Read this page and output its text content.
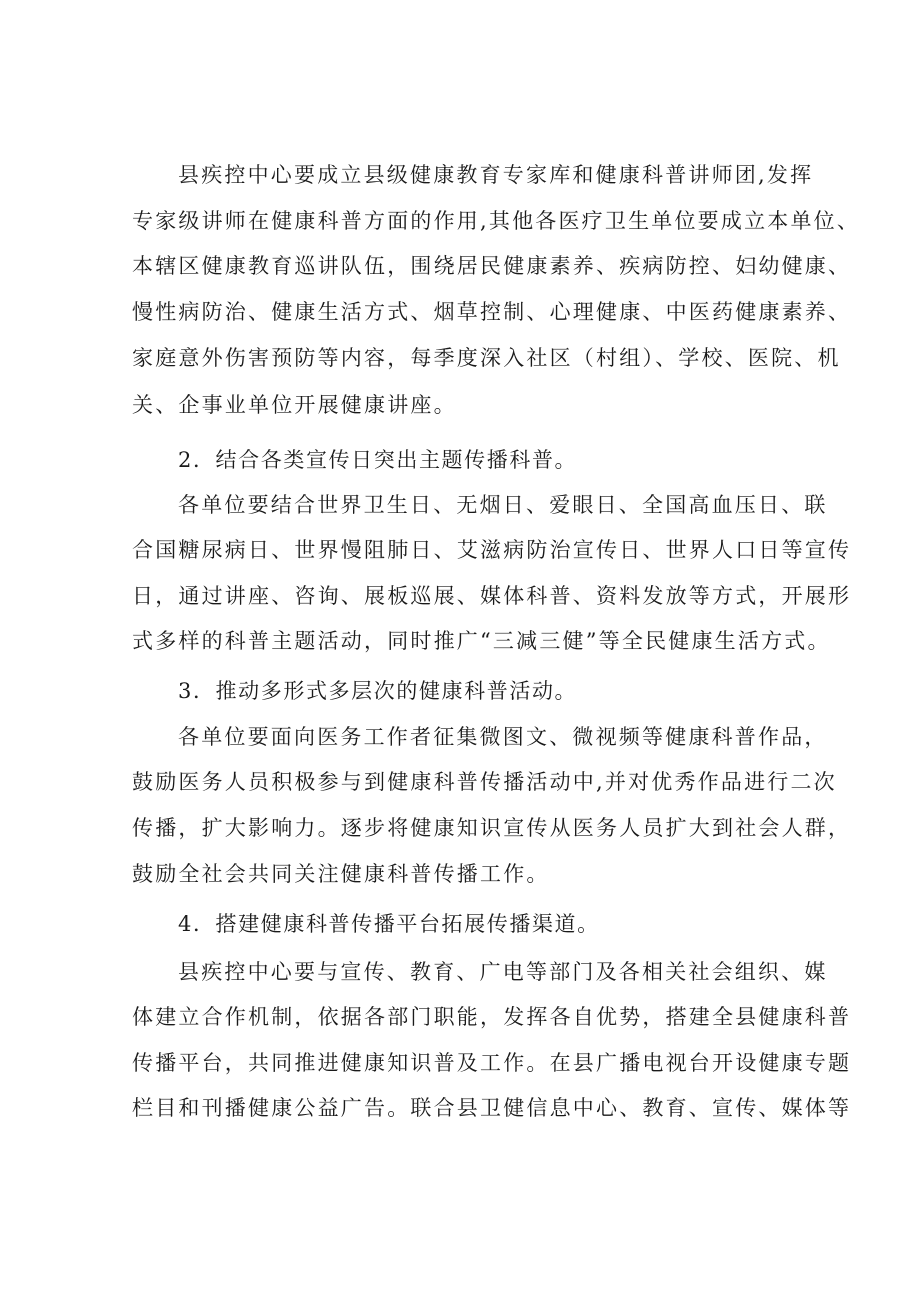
县疾控中心要成立县级健康教育专家库和健康科普讲师团,发挥
专家级讲师在健康科普方面的作用,其他各医疗卫生单位要成立本单位、
本辖区健康教育巡讲队伍，围绕居民健康素养、疾病防控、妇幼健康、
慢性病防治、健康生活方式、烟草控制、心理健康、中医药健康素养、
家庭意外伤害预防等内容，每季度深入社区（村组）、学校、医院、机
关、企事业单位开展健康讲座。
2．结合各类宣传日突出主题传播科普。
各单位要结合世界卫生日、无烟日、爱眼日、全国高血压日、联
合国糖尿病日、世界慢阻肺日、艾滋病防治宣传日、世界人口日等宣传
日，通过讲座、咨询、展板巡展、媒体科普、资料发放等方式，开展形
式多样的科普主题活动，同时推广“三减三健”等全民健康生活方式。
3．推动多形式多层次的健康科普活动。
各单位要面向医务工作者征集微图文、微视频等健康科普作品，
鼓励医务人员积极参与到健康科普传播活动中,并对优秀作品进行二次
传播，扩大影响力。逐步将健康知识宣传从医务人员扩大到社会人群，
鼓励全社会共同关注健康科普传播工作。
4．搭建健康科普传播平台拓展传播渠道。
县疾控中心要与宣传、教育、广电等部门及各相关社会组织、媒
体建立合作机制，依据各部门职能，发挥各自优势，搭建全县健康科普
传播平台，共同推进健康知识普及工作。在县广播电视台开设健康专题
栏目和刊播健康公益广告。联合县卫健信息中心、教育、宣传、媒体等
